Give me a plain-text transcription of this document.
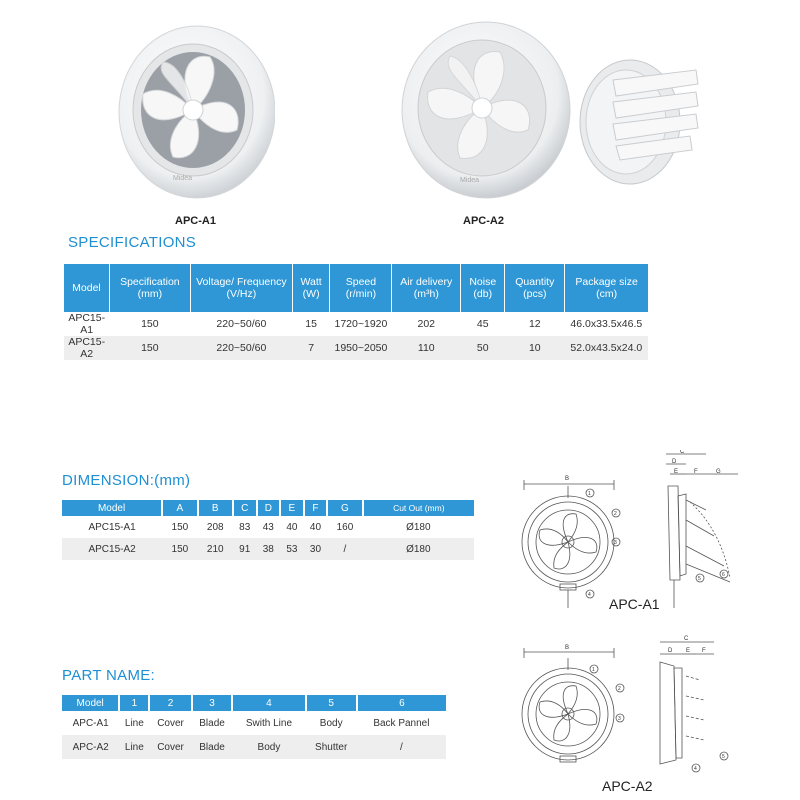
Midea
APC-A1
Midea
APC-A2
SPECIFICATIONS
Model	Specification (mm)	Voltage/ Frequency (V/Hz)	Watt (W)	Speed (r/min)	Air delivery (m³h)	Noise (db)	Quantity (pcs)	Package size (cm)
APC15-A1	150	220~50/60	15	1720~1920	202	45	12	46.0x33.5x46.5
APC15-A2	150	220~50/60	7	1950~2050	110	50	10	52.0x43.5x24.0
DIMENSION:(mm)
Model	A	B	C	D	E	F	G	Cut Out (mm)
APC15-A1	150	208	83	43	40	40	160	Ø180
APC15-A2	150	210	91	38	53	30	/	Ø180
PART NAME:
Model	1	2	3	4	5	6
APC-A1	Line	Cover	Blade	Swith Line	Body	Back Pannel
APC-A2	Line	Cover	Blade	Body	Shutter	/
B
1
2
3
4
C
D
E	F	G
5
6
APC-A1
B
1
2
3
C
D E F
4
5
APC-A2
